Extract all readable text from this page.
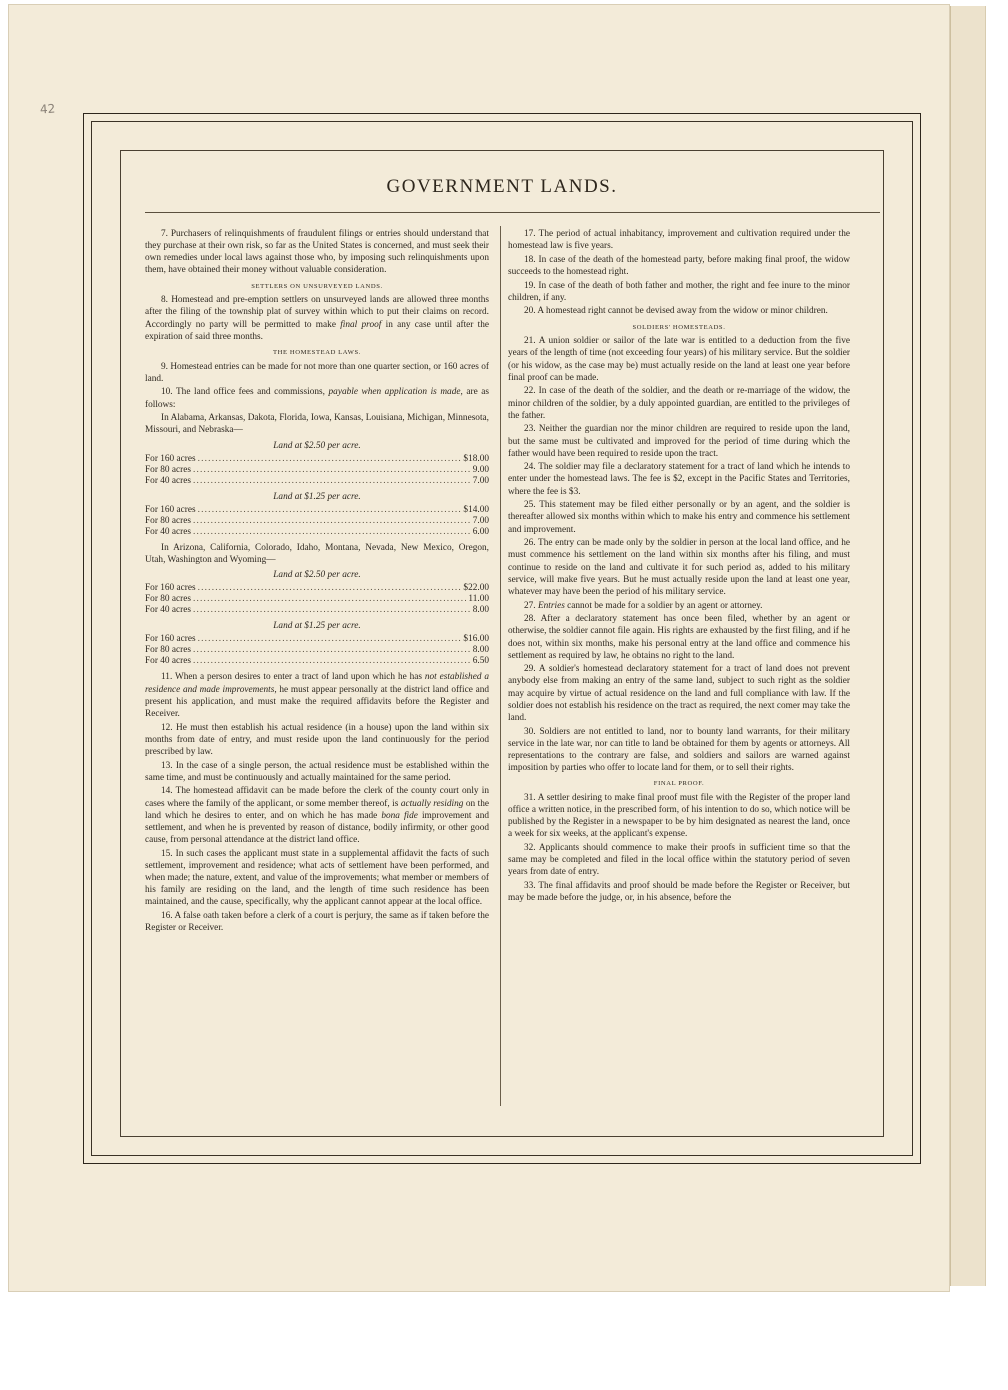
42
GOVERNMENT LANDS.

7. Purchasers of relinquishments of fraudulent filings or entries should understand that they purchase at their own risk, so far as the United States is concerned, and must seek their own remedies under local laws against those who, by imposing such relinquishments upon them, have obtained their money without valuable consideration.

SETTLERS ON UNSURVEYED LANDS.

8. Homestead and pre-emption settlers on unsurveyed lands are allowed three months after the filing of the township plat of survey within which to put their claims on record. Accordingly no party will be permitted to make final proof in any case until after the expiration of said three months.

THE HOMESTEAD LAWS.

9. Homestead entries can be made for not more than one quarter section, or 160 acres of land.

10. The land office fees and commissions, payable when application is made, are as follows:

In Alabama, Arkansas, Dakota, Florida, Iowa, Kansas, Louisiana, Michigan, Minnesota, Missouri, and Nebraska—

Land at $2.50 per acre.

For 160 acres .....	$18.00
For 80 acres .....	9.00
For 40 acres .....	7.00

Land at $1.25 per acre.

For 160 acres .....	$14.00
For 80 acres .....	7.00
For 40 acres .....	6.00

In Arizona, California, Colorado, Idaho, Montana, Nevada, New Mexico, Oregon, Utah, Washington and Wyoming—

Land at $2.50 per acre.

For 160 acres .....	$22.00
For 80 acres .....	11.00
For 40 acres .....	8.00

Land at $1.25 per acre.

For 160 acres .....	$16.00
For 80 acres .....	8.00
For 40 acres .....	6.50

11. When a person desires to enter a tract of land upon which he has not established a residence and made improvements, he must appear personally at the district land office and present his application, and must make the required affidavits before the Register and Receiver.

12. He must then establish his actual residence (in a house) upon the land within six months from date of entry, and must reside upon the land continuously for the period prescribed by law.

13. In the case of a single person, the actual residence must be established within the same time, and must be continuously and actually maintained for the same period.

14. The homestead affidavit can be made before the clerk of the county court only in cases where the family of the applicant, or some member thereof, is actually residing on the land which he desires to enter, and on which he has made bona fide improvement and settlement, and when he is prevented by reason of distance, bodily infirmity, or other good cause, from personal attendance at the district land office.

15. In such cases the applicant must state in a supplemental affidavit the facts of such settlement, improvement and residence; what acts of settlement have been performed, and when made; the nature, extent, and value of the improvements; what member or members of his family are residing on the land, and the length of time such residence has been maintained, and the cause, specifically, why the applicant cannot appear at the local office.

16. A false oath taken before a clerk of a court is perjury, the same as if taken before the Register or Receiver.

17. The period of actual inhabitancy, improvement and cultivation required under the homestead law is five years.

18. In case of the death of the homestead party, before making final proof, the widow succeeds to the homestead right.

19. In case of the death of both father and mother, the right and fee inure to the minor children, if any.

20. A homestead right cannot be devised away from the widow or minor children.

SOLDIERS' HOMESTEADS.

21. A union soldier or sailor of the late war is entitled to a deduction from the five years of the length of time (not exceeding four years) of his military service. But the soldier (or his widow, as the case may be) must actually reside on the land at least one year before final proof can be made.

22. In case of the death of the soldier, and the death or re-marriage of the widow, the minor children of the soldier, by a duly appointed guardian, are entitled to the privileges of the father.

23. Neither the guardian nor the minor children are required to reside upon the land, but the same must be cultivated and improved for the period of time during which the father would have been required to reside upon the tract.

24. The soldier may file a declaratory statement for a tract of land which he intends to enter under the homestead laws. The fee is $2, except in the Pacific States and Territories, where the fee is $3.

25. This statement may be filed either personally or by an agent, and the soldier is thereafter allowed six months within which to make his entry and commence his settlement and improvement.

26. The entry can be made only by the soldier in person at the local land office, and he must commence his settlement on the land within six months after his filing, and must continue to reside on the land and cultivate it for such period as, added to his military service, will make five years. But he must actually reside upon the land at least one year, whatever may have been the period of his military service.

27. Entries cannot be made for a soldier by an agent or attorney.

28. After a declaratory statement has once been filed, whether by an agent or otherwise, the soldier cannot file again. His rights are exhausted by the first filing, and if he does not, within six months, make his personal entry at the land office and commence his settlement as required by law, he obtains no right to the land.

29. A soldier's homestead declaratory statement for a tract of land does not prevent anybody else from making an entry of the same land, subject to such right as the soldier may acquire by virtue of actual residence on the land and full compliance with law. If the soldier does not establish his residence on the tract as required, the next comer may take the land.

30. Soldiers are not entitled to land, nor to bounty land warrants, for their military service in the late war, nor can title to land be obtained for them by agents or attorneys. All representations to the contrary are false, and soldiers and sailors are warned against imposition by parties who offer to locate land for them, or to sell their rights.

FINAL PROOF.

31. A settler desiring to make final proof must file with the Register of the proper land office a written notice, in the prescribed form, of his intention to do so, which notice will be published by the Register in a newspaper to be by him designated as nearest the land, once a week for six weeks, at the applicant's expense.

32. Applicants should commence to make their proofs in sufficient time so that the same may be completed and filed in the local office within the statutory period of seven years from date of entry.

33. The final affidavits and proof should be made before the Register or Receiver, but may be made before the judge, or, in his absence, before the
